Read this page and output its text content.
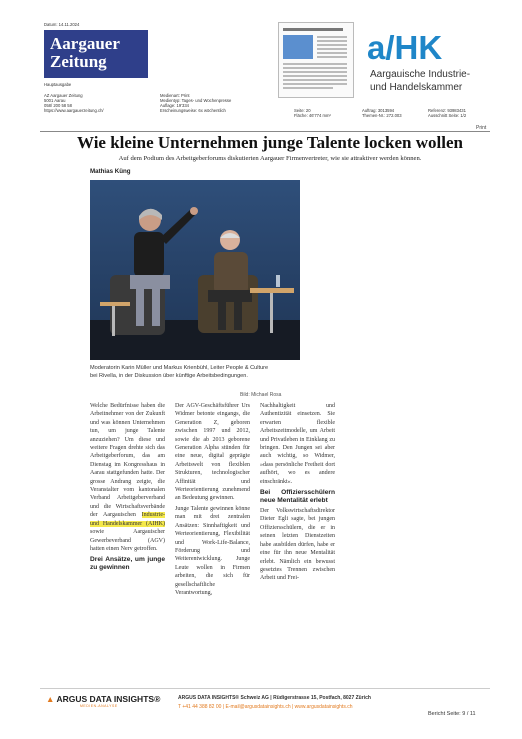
Datum: 14.11.2024
Aargauer
Zeitung
Hauptausgabe
a/HK
Aargauische Industrie-
und Handelskammer
AZ Aargauer Zeitung
5001 Aarau
058/ 200 58 58
https://www.aargauerzeitung.ch/
Medienart: Print
Medientyp: Tages- und Wochenpresse
Auflage: 19'334
Erscheinungsweise: 6x wöchentlich	Seite: 20
Fläche: 46'774 mm²
Auftrag: 3013594
Themen-Nr.: 272.003
Referenz: 93983431
Ausschnitt Seite: 1/2
Print
Wie kleine Unternehmen junge Talente locken wollen
Auf dem Podium des Arbeitgeberforums diskutierten Aargauer Firmenvertreter, wie sie attraktiver werden können.
Mathias Küng
Moderatorin Karin Müller und Markus Krienbühl, Leiter People & Culture
bei Rivella, in der Diskussion über künftige Arbeitsbedingungen.
Bild: Michael Rosa

Welche Bedürfnisse haben die Arbeitnehmer von der Zukunft und was können Unternehmen tun, um junge Talente anzuziehen? Um diese und weitere Fragen drehte sich das Arbeitgeberforum, das am Dienstag im Kongresshaus in Aarau stattgefunden hatte. Der grosse Andrang zeigte, die Veranstalter vom kantonalen Verband Arbeitgeberverband und die Wirtschaftsverbände der Aargauischen Industrie- und Handelskammer (AIHK) sowie Aargauischer Gewerbeverband (AGV) hatten einen Nerv getroffen.

Drei Ansätze, um junge zu gewinnen

Der AGV-Geschäftsführer Urs Widmer betonte eingangs, die Generation Z, geboren zwischen 1997 und 2012, sowie die ab 2013 geborene Generation Alpha stünden für eine neue, digital geprägte Arbeitswelt von flexiblen Strukturen, technologischer Affinität und Werteorientierung zunehmend an Bedeutung gewinnen.

Junge Talente gewinnen könne man mit drei zentralen Ansätzen: Sinnhaftigkeit und Werteorientierung, Flexibilität und Work-Life-Balance, Förderung und Weiterentwicklung. Junge Leute wollen in Firmen arbeiten, die sich für gesellschaftliche Verantwortung,

Nachhaltigkeit und Authentizität einsetzen. Sie erwarten flexible Arbeitszeitmodelle, um Arbeit und Privatleben in Einklang zu bringen. Den Jungen sei aber auch wichtig, so Widmer, »dass persönliche Freiheit dort aufhört, wo es andere einschränkt«.

Bei Offiziersschülern neue Mentalität erlebt

Der Volkswirtschaftsdirektor Dieter Egli sagte, bei jungen Offiziersschülern, die er in seinen letzten Dienstzeiten habe ausbilden dürfen, habe er eine für ihn neue Mentalität erlebt. Nämlich ein bewusst gesetztes Trennen zwischen Arbeit und Frei-

▲ ARGUS DATA INSIGHTS®
MEDIEN-ANALYSE
ARGUS DATA INSIGHTS® Schweiz AG | Rüdigerstrasse 15, Postfach, 8027 Zürich
T +41 44 388 82 00 | E-mail@argusdatainsights.ch | www.argusdatainsights.ch
Bericht Seite: 9 / 11
